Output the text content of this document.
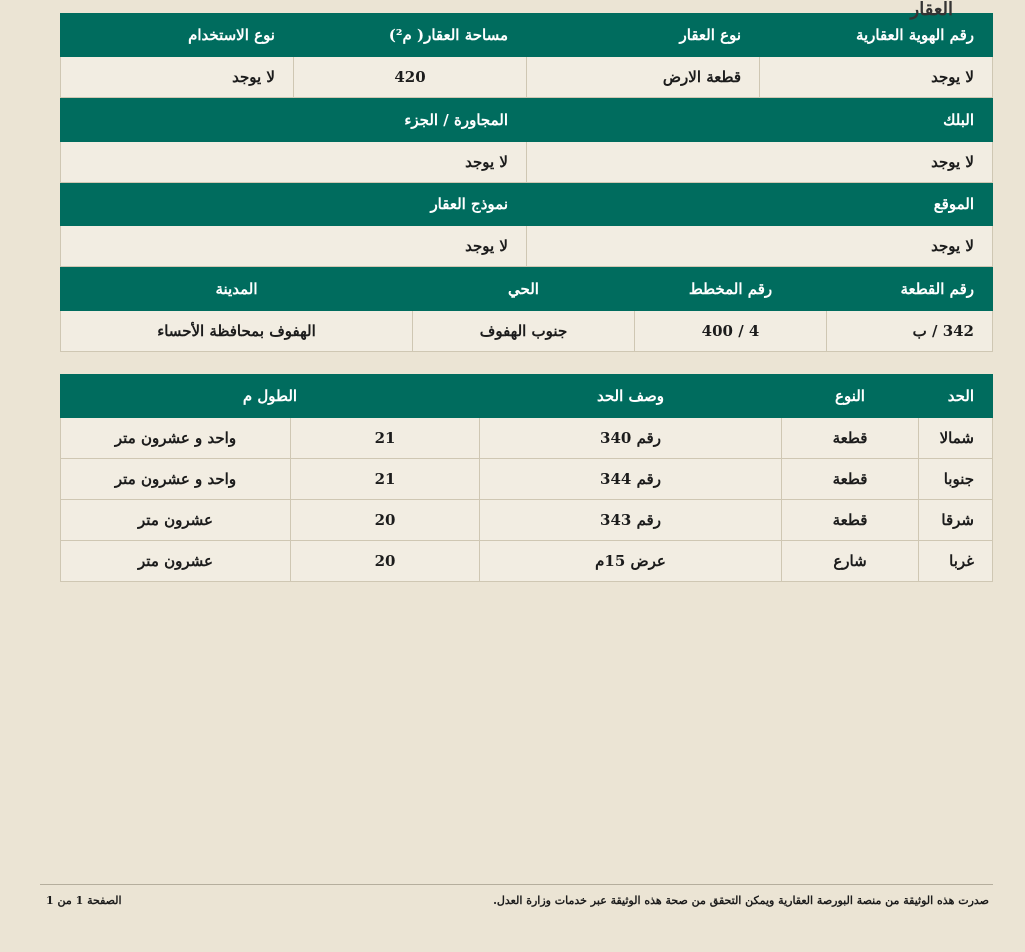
العقار
رقم الهوية العقارية	نوع العقار	مساحة العقار( م²)	نوع الاستخدام
لا يوجد	قطعة الارض	420	لا يوجد
البلك	المجاورة / الجزء
لا يوجد	لا يوجد
الموقع	نموذج العقار
لا يوجد	لا يوجد
رقم القطعة	رقم المخطط	الحي	المدينة
342 / ب	4 / 400	جنوب الهفوف	الهفوف بمحافظة الأحساء
الحد	النوع	وصف الحد	الطول م	
شمالا	قطعة	رقم 340	21	واحد و عشرون متر
جنوبا	قطعة	رقم 344	21	واحد و عشرون متر
شرقا	قطعة	رقم 343	20	عشرون متر
غربا	شارع	عرض 15م	20	عشرون متر
صدرت هذه الوثيقة من منصة البورصة العقارية ويمكن التحقق من صحة هذه الوثيقة عبر خدمات وزارة العدل.
الصفحة 1 من 1
